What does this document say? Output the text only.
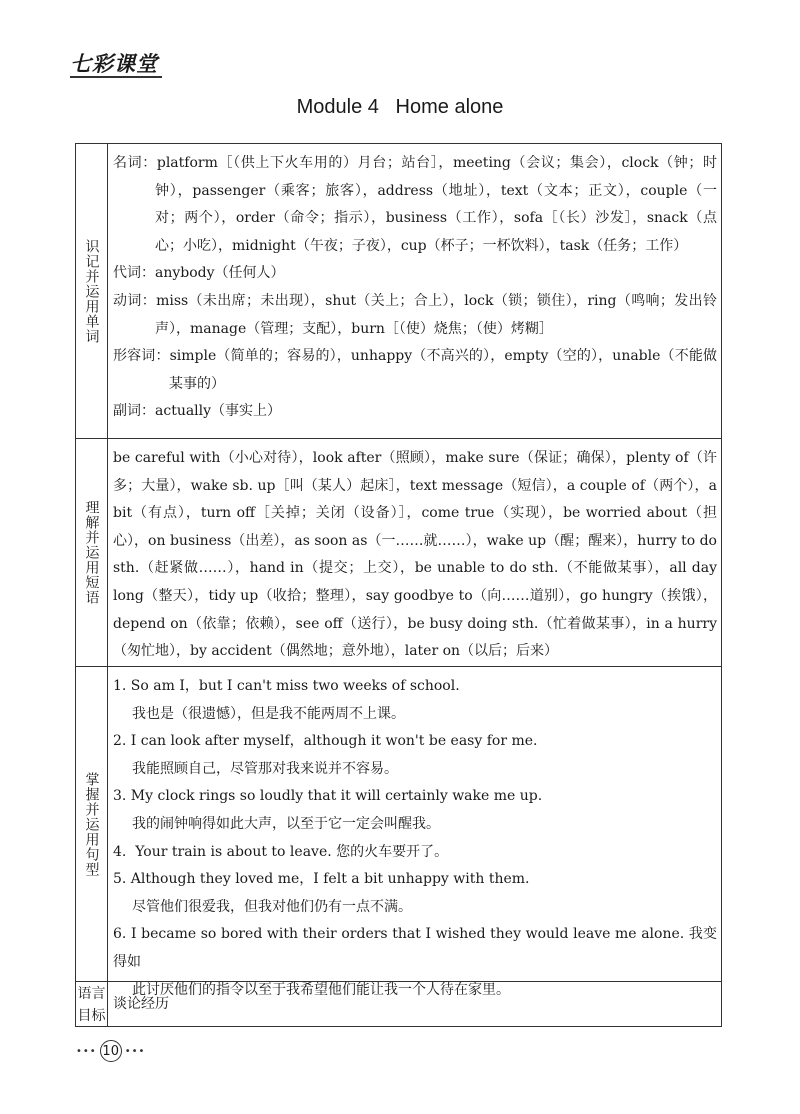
七彩课堂
Module 4   Home alone
识记并运用单词

名词：platform［（供上下火车用的）月台；站台］，meeting（会议；集会），clock（钟；时钟），passenger（乘客；旅客），address（地址），text（文本；正文），couple（一对；两个），order（命令；指示），business（工作），sofa［（长）沙发］，snack（点心；小吃），midnight（午夜；子夜），cup（杯子；一杯饮料），task（任务；工作）

代词：anybody（任何人）

动词：miss（未出席；未出现），shut（关上；合上），lock（锁；锁住），ring（鸣响；发出铃声），manage（管理；支配），burn［（使）烧焦；（使）烤糊］

形容词：simple（简单的；容易的），unhappy（不高兴的），empty（空的），unable（不能做某事的）

副词：actually（事实上）

理解并运用短语

be careful with（小心对待），look after（照顾），make sure（保证；确保），plenty of（许多；大量），wake sb. up［叫（某人）起床］，text message（短信），a couple of（两个），a bit（有点），turn off［关掉；关闭（设备）］，come true（实现），be worried about（担心），on business（出差），as soon as（一……就……），wake up（醒；醒来），hurry to do sth.（赶紧做……），hand in（提交；上交），be unable to do sth.（不能做某事），all day long（整天），tidy up（收拾；整理），say goodbye to（向……道别），go hungry（挨饿），depend on（依靠；依赖），see off（送行），be busy doing sth.（忙着做某事），in a hurry（匆忙地），by accident（偶然地；意外地），later on（以后；后来）

掌握并运用句型

1. So am I，but I can't miss two weeks of school.
我也是（很遗憾），但是我不能两周不上课。

2. I can look after myself，although it won't be easy for me.
我能照顾自己，尽管那对我来说并不容易。

3. My clock rings so loudly that it will certainly wake me up.
我的闹钟响得如此大声，以至于它一定会叫醒我。

4.  Your train is about to leave. 您的火车要开了。

5. Although they loved me，I felt a bit unhappy with them.
尽管他们很爱我，但我对他们仍有一点不满。

6. I became so bored with their orders that I wished they would leave me alone. 我变得如
此讨厌他们的指令以至于我希望他们能让我一个人待在家里。

语言
目标
谈论经历
••• 10 •••
